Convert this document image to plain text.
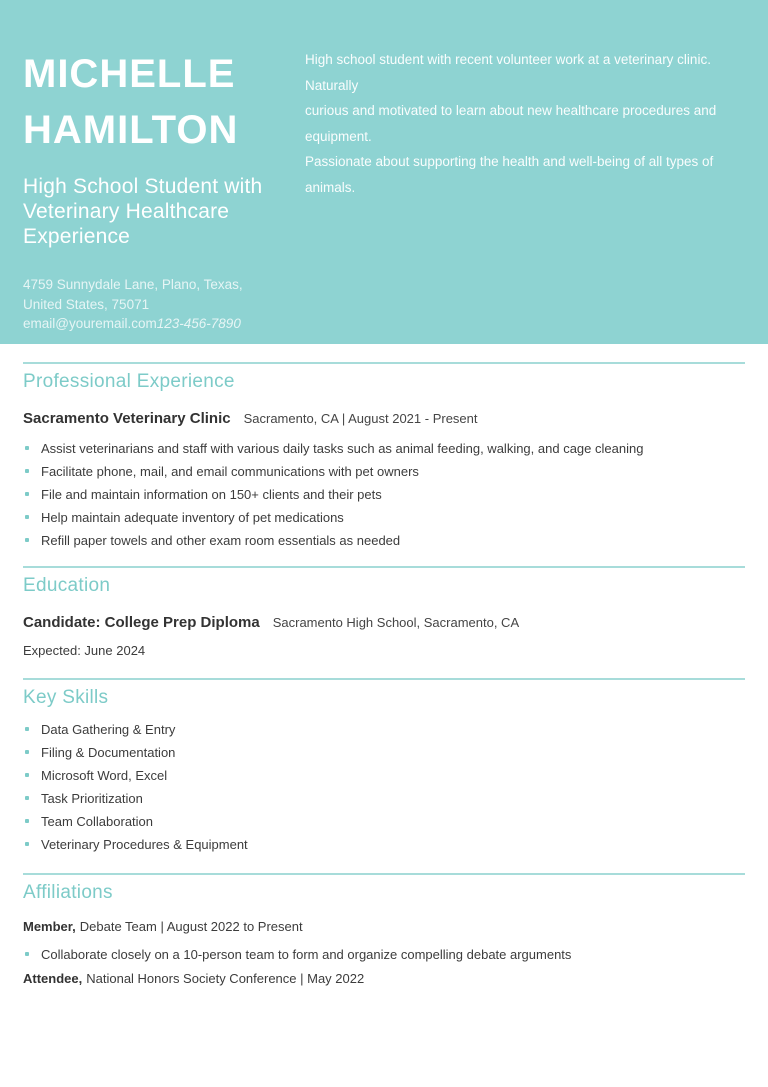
MICHELLE
HAMILTON
High School Student with Veterinary Healthcare Experience
4759 Sunnydale Lane, Plano, Texas, United States, 75071
email@youremail.com123-456-7890
High school student with recent volunteer work at a veterinary clinic. Naturally
curious and motivated to learn about new healthcare procedures and equipment.
Passionate about supporting the health and well-being of all types of animals.
Professional Experience
Sacramento Veterinary Clinic Sacramento, CA | August 2021 - Present
Assist veterinarians and staff with various daily tasks such as animal feeding, walking, and cage cleaning
Facilitate phone, mail, and email communications with pet owners
File and maintain information on 150+ clients and their pets
Help maintain adequate inventory of pet medications
Refill paper towels and other exam room essentials as needed
Education
Candidate: College Prep Diploma Sacramento High School, Sacramento, CA
Expected: June 2024
Key Skills
Data Gathering & Entry
Filing & Documentation
Microsoft Word, Excel
Task Prioritization
Team Collaboration
Veterinary Procedures & Equipment
Affiliations
Member, Debate Team | August 2022 to Present
Collaborate closely on a 10-person team to form and organize compelling debate arguments
Attendee, National Honors Society Conference | May 2022
